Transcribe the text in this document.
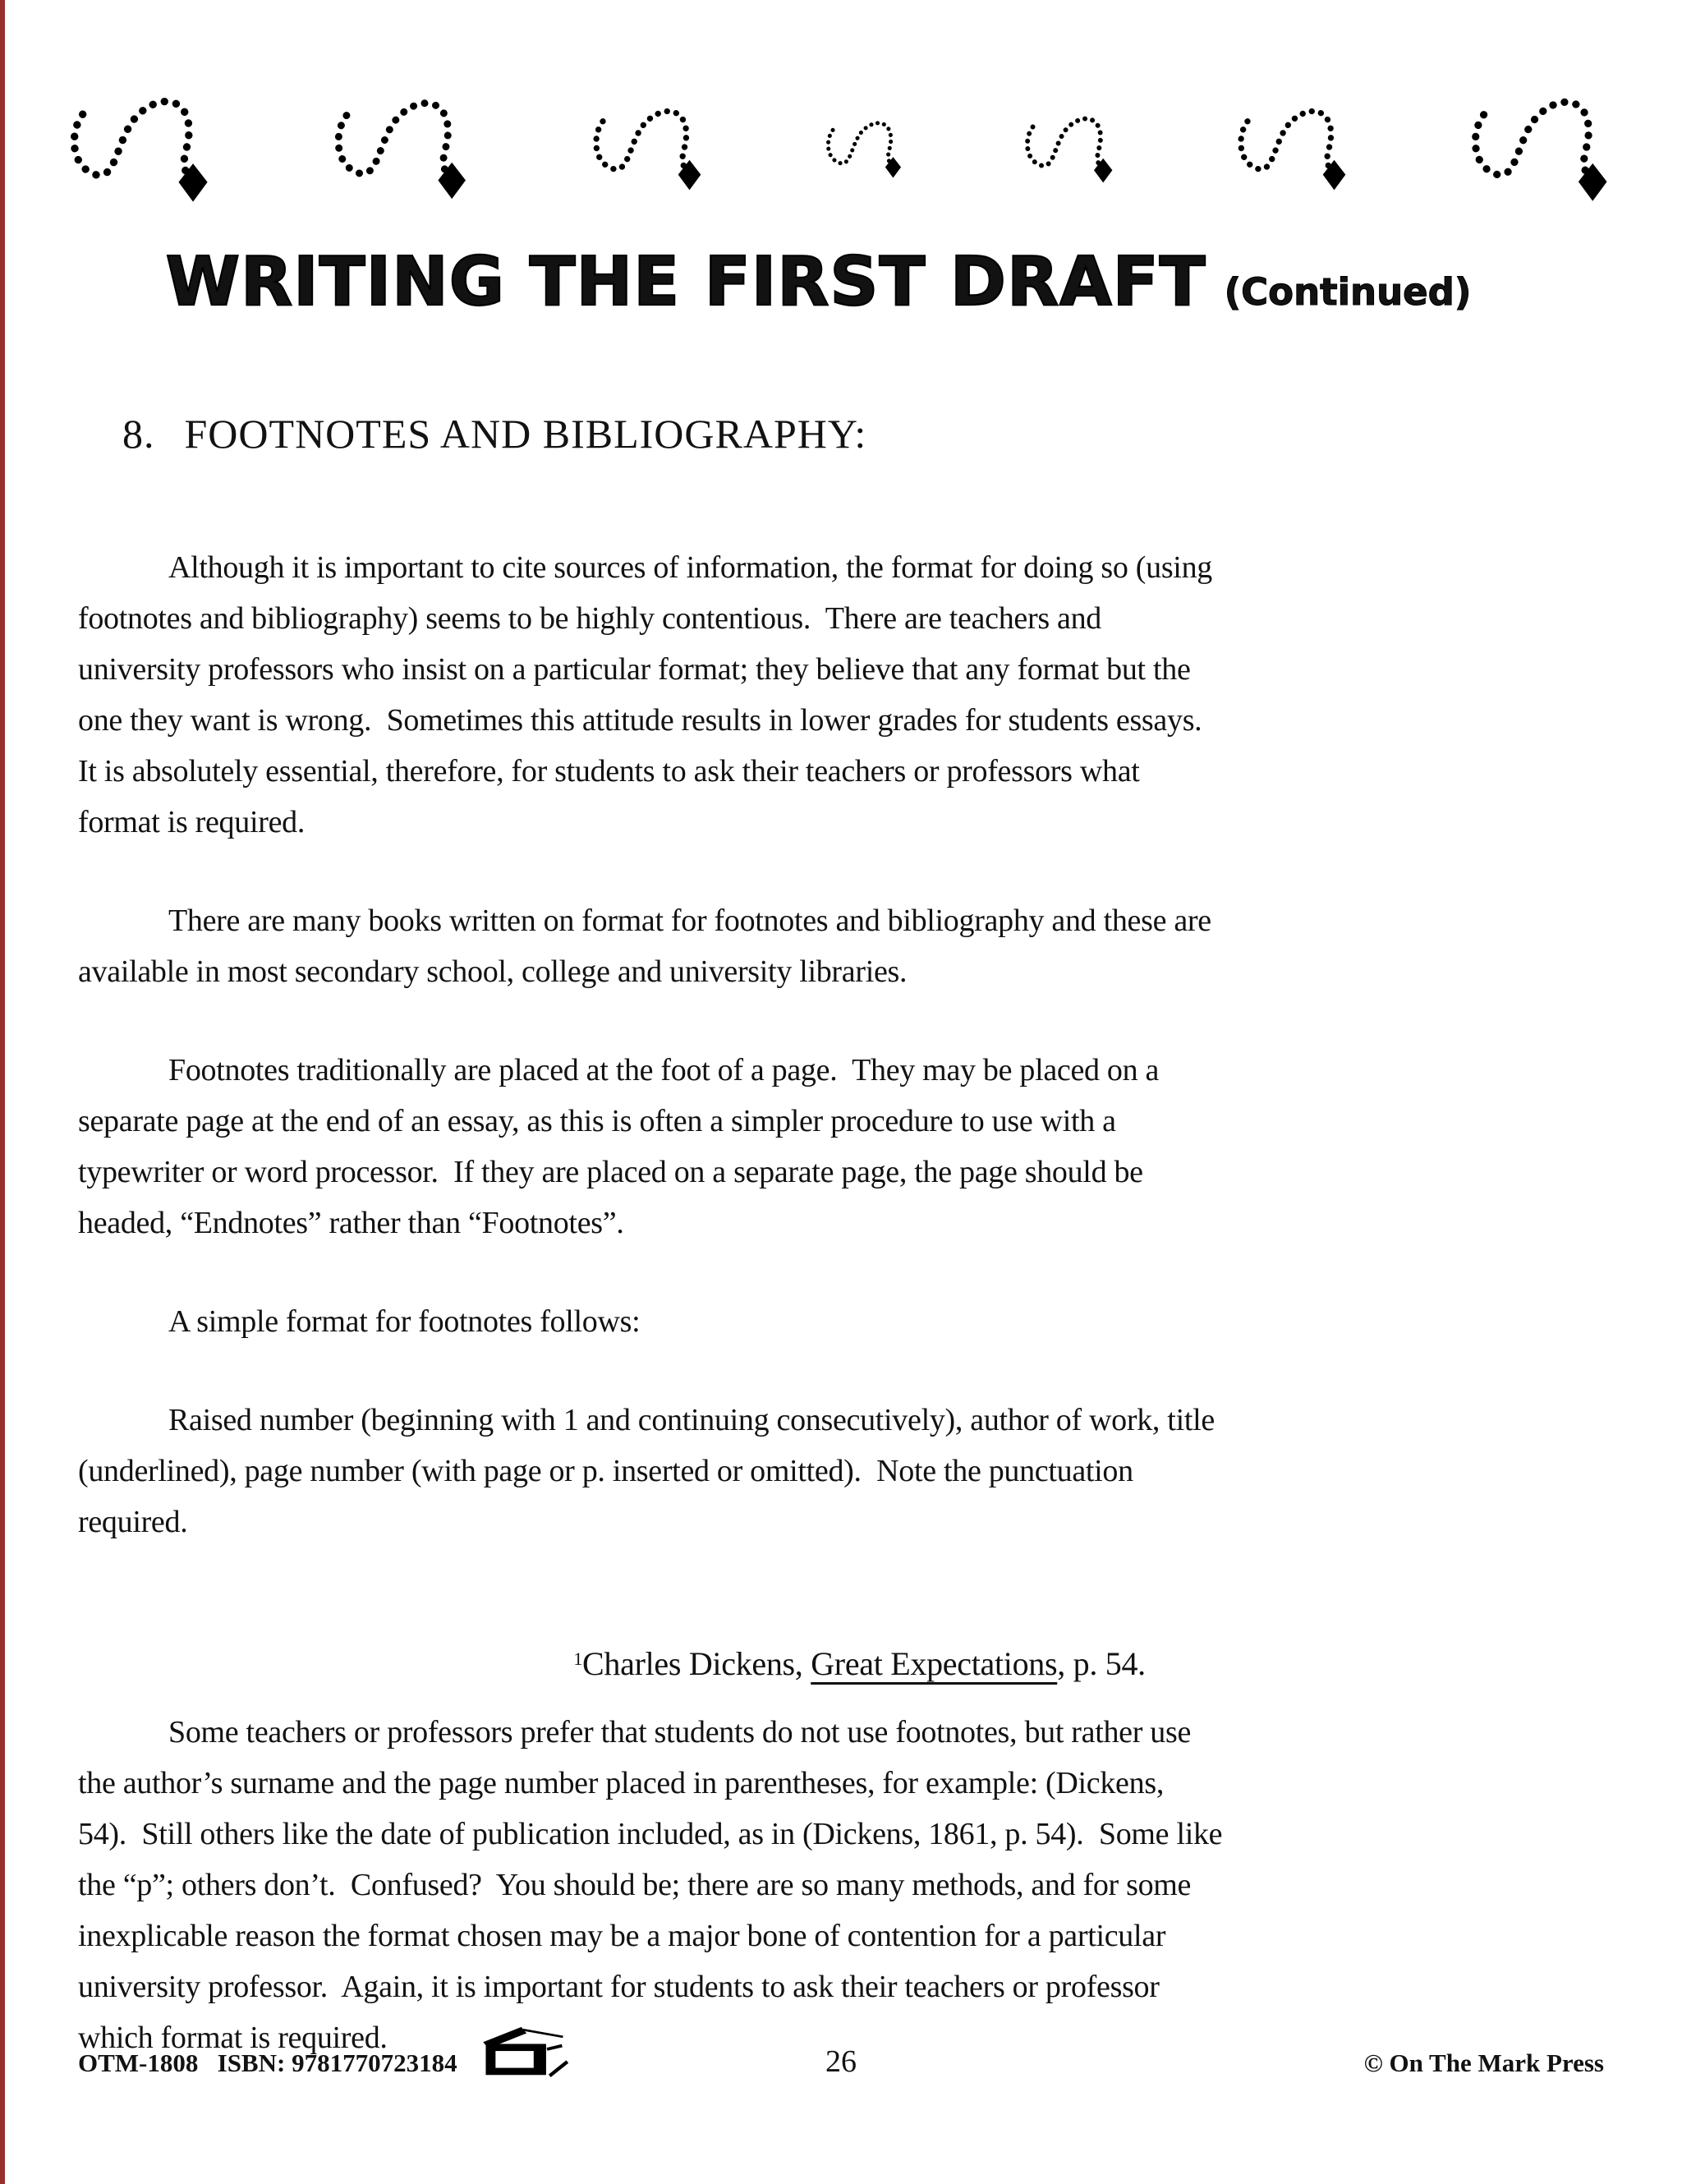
WRITING THE FIRST DRAFT (Continued)

8. FOOTNOTES AND BIBLIOGRAPHY:

Although it is important to cite sources of information, the format for doing so (using
footnotes and bibliography) seems to be highly contentious.  There are teachers and
university professors who insist on a particular format; they believe that any format but the
one they want is wrong.  Sometimes this attitude results in lower grades for students essays.
It is absolutely essential, therefore, for students to ask their teachers or professors what
format is required.
There are many books written on format for footnotes and bibliography and these are
available in most secondary school, college and university libraries.
Footnotes traditionally are placed at the foot of a page.  They may be placed on a
separate page at the end of an essay, as this is often a simpler procedure to use with a
typewriter or word processor.  If they are placed on a separate page, the page should be
headed, “Endnotes” rather than “Footnotes”.
A simple format for footnotes follows:
Raised number (beginning with 1 and continuing consecutively), author of work, title
(underlined), page number (with page or p. inserted or omitted).  Note the punctuation
required.

$^1$Charles Dickens, Great Expectations, p. 54.

Some teachers or professors prefer that students do not use footnotes, but rather use
the author’s surname and the page number placed in parentheses, for example: (Dickens,
54).  Still others like the date of publication included, as in (Dickens, 1861, p. 54).  Some like
the “p”; others don’t.  Confused?  You should be; there are so many methods, and for some
inexplicable reason the format chosen may be a major bone of contention for a particular
university professor.  Again, it is important for students to ask their teachers or professor
which format is required.
OTM-1808 ISBN: 9781770723184	26	© On The Mark Press
